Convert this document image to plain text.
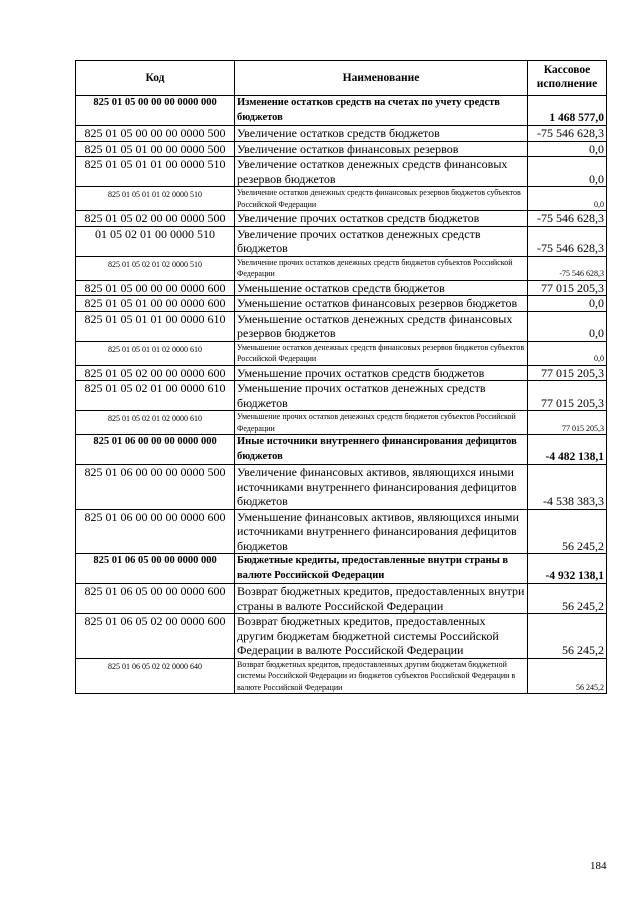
Код	Наименование	Кассовое
исполнение
825 01 05 00 00 00 0000 000	Изменение остатков средств на счетах по учету средств бюджетов	1 468 577,0
825 01 05 00 00 00 0000 500	Увеличение остатков средств бюджетов	-75 546 628,3
825 01 05 01 00 00 0000 500	Увеличение остатков финансовых резервов	0,0
825 01 05 01 01 00 0000 510	Увеличение остатков денежных средств финансовых резервов бюджетов	0,0
825 01 05 01 01 02 0000 510	Увеличение остатков денежных средств финансовых резервов бюджетов субъектов Российской Федерации	0,0
825 01 05 02 00 00 0000 500	Увеличение прочих остатков средств бюджетов	-75 546 628,3
01 05 02 01 00 0000 510	Увеличение прочих остатков денежных средств бюджетов	-75 546 628,3
825 01 05 02 01 02 0000 510	Увеличение прочих остатков денежных средств бюджетов субъектов Российской Федерации	-75 546 628,3
825 01 05 00 00 00 0000 600	Уменьшение остатков средств бюджетов	77 015 205,3
825 01 05 01 00 00 0000 600	Уменьшение остатков финансовых резервов бюджетов	0,0
825 01 05 01 01 00 0000 610	Уменьшение остатков денежных средств финансовых резервов бюджетов	0,0
825 01 05 01 01 02 0000 610	Уменьшение остатков денежных средств финансовых резервов бюджетов субъектов Российской Федерации	0,0
825 01 05 02 00 00 0000 600	Уменьшение прочих остатков средств бюджетов	77 015 205,3
825 01 05 02 01 00 0000 610	Уменьшение прочих остатков денежных средств бюджетов	77 015 205,3
825 01 05 02 01 02 0000 610	Уменьшение прочих остатков денежных средств бюджетов субъектов Российской Федерации	77 015 205,3
825 01 06 00 00 00 0000 000	Иные источники внутреннего финансирования дефицитов бюджетов	-4 482 138,1
825 01 06 00 00 00 0000 500	Увеличение финансовых активов, являющихся иными источниками внутреннего финансирования дефицитов бюджетов	-4 538 383,3
825 01 06 00 00 00 0000 600	Уменьшение финансовых активов, являющихся иными источниками внутреннего финансирования дефицитов бюджетов	56 245,2
825 01 06 05 00 00 0000 000	Бюджетные кредиты, предоставленные внутри страны в валюте Российской Федерации	-4 932 138,1
825 01 06 05 00 00 0000 600	Возврат бюджетных кредитов, предоставленных внутри страны в валюте Российской Федерации	56 245,2
825 01 06 05 02 00 0000 600	Возврат бюджетных кредитов, предоставленных другим бюджетам бюджетной системы Российской Федерации в валюте Российской Федерации	56 245,2
825 01 06 05 02 02 0000 640	Возврат бюджетных кредитов, предоставленных другим бюджетам бюджетной системы Российской Федерации из бюджетов субъектов Российской Федерации в валюте Российской Федерации	56 245,2
184
